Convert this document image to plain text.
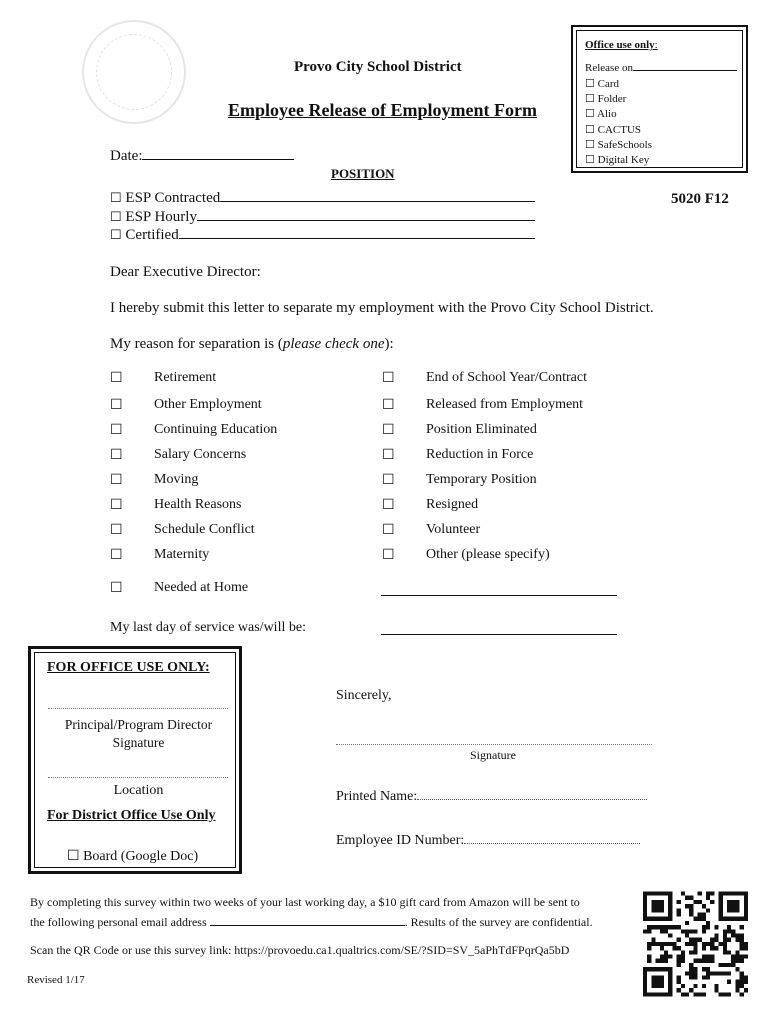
Office use only:
Release on
☐ Card
☐ Folder
☐ Alio
☐ CACTUS
☐ SafeSchools
☐ Digital Key
Provo City School District
Employee Release of Employment Form
Date:
POSITION
5020 F12
☐ ESP Contracted
☐ ESP Hourly
☐ Certified
Dear Executive Director:
I hereby submit this letter to separate my employment with the Provo City School District.
My reason for separation is (please check one):
☐ Retirement
☐ Other Employment
☐ Continuing Education
☐ Salary Concerns
☐ Moving
☐ Health Reasons
☐ Schedule Conflict
☐ Maternity
☐ Needed at Home
☐ End of School Year/Contract
☐ Released from Employment
☐ Position Eliminated
☐ Reduction in Force
☐ Temporary Position
☐ Resigned
☐ Volunteer
☐ Other (please specify)
My last day of service was/will be:
FOR OFFICE USE ONLY:
Principal/Program Director Signature
Location
For District Office Use Only
☐ Board (Google Doc)
Sincerely,
Signature
Printed Name:
Employee ID Number:
By completing this survey within two weeks of your last working day, a $10 gift card from Amazon will be sent to
the following personal email address	. Results of the survey are confidential.
Scan the QR Code or use this survey link: https://provoedu.ca1.qualtrics.com/SE/?SID=SV_5aPhTdFPqrQa5bD
Revised 1/17
